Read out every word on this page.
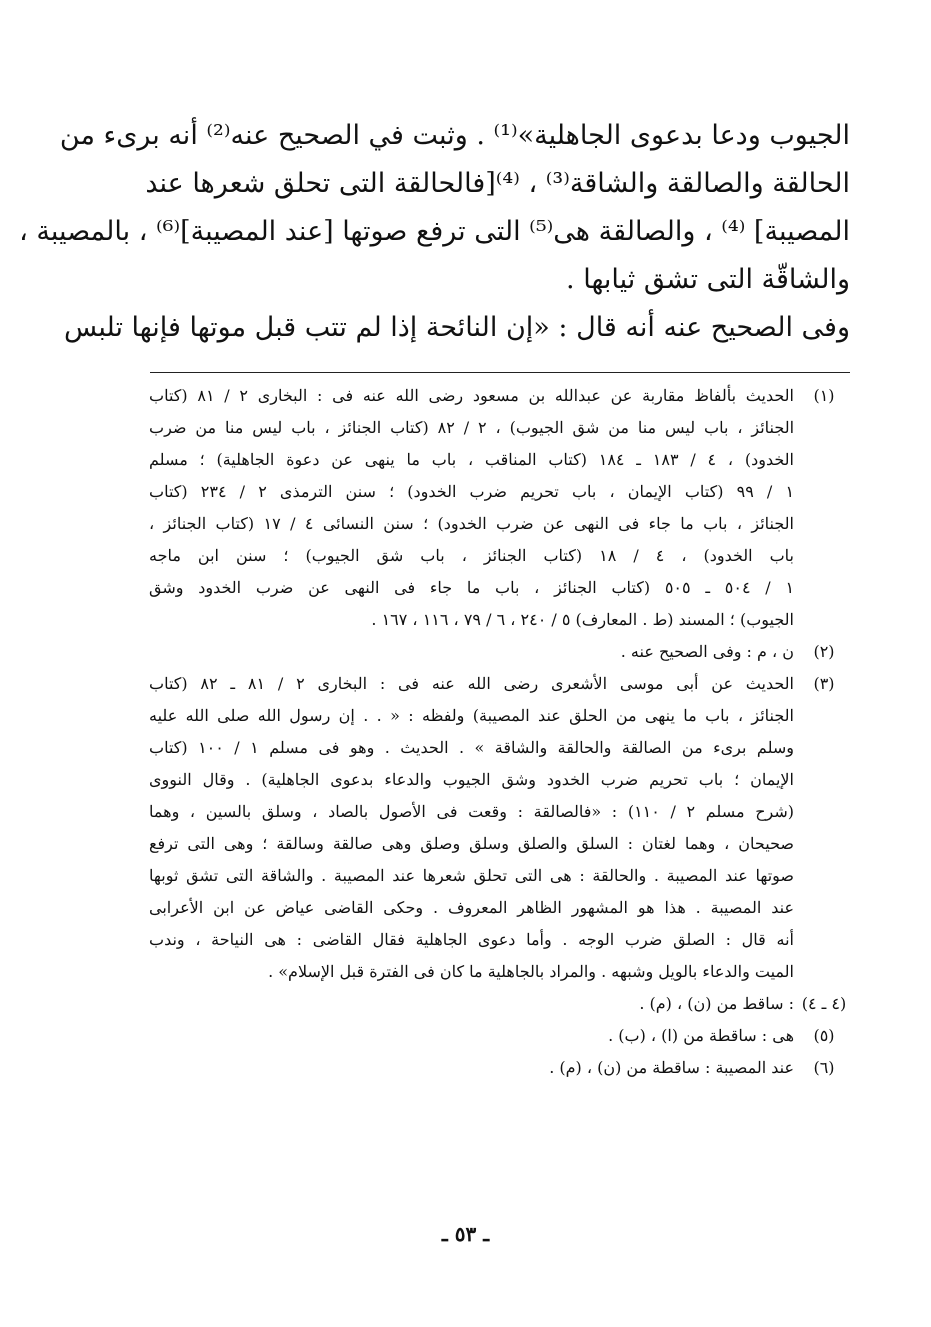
الجيوب ودعا بدعوى الجاهلية»⁽¹⁾ . وثبت في الصحيح عنه⁽²⁾ أنه برىء من
الحالقة والصالقة والشاقة⁽³⁾ ، ⁽⁴⁾[فالحالقة التى تحلق شعرها عند
المصيبة] ⁽⁴⁾ ، والصالقة هى⁽⁵⁾ التى ترفع صوتها [عند المصيبة]⁽⁶⁾ ، بالمصيبة ،
والشاقّة التى تشق ثيابها .
وفى الصحيح عنه أنه قال : «إن النائحة إذا لم تتب قبل موتها فإنها تلبس
(١)
الحديث بألفاظ مقاربة عن عبدالله بن مسعود رضى الله عنه فى : البخارى ٢ / ٨١ (كتاب
الجنائز ، باب ليس منا من شق الجيوب) ، ٢ / ٨٢ (كتاب الجنائز ، باب ليس منا من ضرب
الخدود) ، ٤ / ١٨٣ ـ ١٨٤ (كتاب المناقب ، باب ما ينهى عن دعوة الجاهلية) ؛ مسلم
١ / ٩٩ (كتاب الإيمان ، باب تحريم ضرب الخدود) ؛ سنن الترمذى ٢ / ٢٣٤ (كتاب
الجنائز ، باب ما جاء فى النهى عن ضرب الخدود) ؛ سنن النسائى ٤ / ١٧ (كتاب الجنائز ،
باب الخدود) ، ٤ / ١٨ (كتاب الجنائز ، باب شق الجيوب) ؛ سنن ابن ماجه
١ / ٥٠٤ ـ ٥٠٥ (كتاب الجنائز ، باب ما جاء فى النهى عن ضرب الخدود وشق
الجيوب) ؛ المسند (ط . المعارف) ٥ / ٢٤٠ ، ٦ / ٧٩ ، ١١٦ ، ١٦٧ .
(٢)
ن ، م : وفى الصحيح عنه .
(٣)
الحديث عن أبى موسى الأشعرى رضى الله عنه فى : البخارى ٢ / ٨١ ـ ٨٢ (كتاب
الجنائز ، باب ما ينهى من الحلق عند المصيبة) ولفظه : « . . إن رسول الله صلى الله عليه
وسلم برىء من الصالقة والحالقة والشاقة » . الحديث . وهو فى مسلم ١ / ١٠٠ (كتاب
الإيمان ؛ باب تحريم ضرب الخدود وشق الجيوب والدعاء بدعوى الجاهلية) . وقال النووى
(شرح مسلم ٢ / ١١٠) : «فالصالقة : وقعت فى الأصول بالصاد ، وسلق بالسين ، وهما
صحيحان ، وهما لغتان : السلق والصلق وسلق وصلق وهى صالقة وسالقة ؛ وهى التى ترفع
صوتها عند المصيبة . والحالقة : هى التى تحلق شعرها عند المصيبة . والشاقة التى تشق ثوبها
عند المصيبة . هذا هو المشهور الظاهر المعروف . وحكى القاضى عياض عن ابن الأعرابى
أنه قال : الصلق ضرب الوجه . وأما دعوى الجاهلية فقال القاضى : هى النياحة ، وندب
الميت والدعاء بالويل وشبهه . والمراد بالجاهلية ما كان فى الفترة قبل الإسلام» .
(٤ ـ ٤)
: ساقط من (ن) ، (م) .
(٥)
هى : ساقطة من (ا) ، (ب) .
(٦)
عند المصيبة : ساقطة من (ن) ، (م) .
ـ ٥٣ ـ
